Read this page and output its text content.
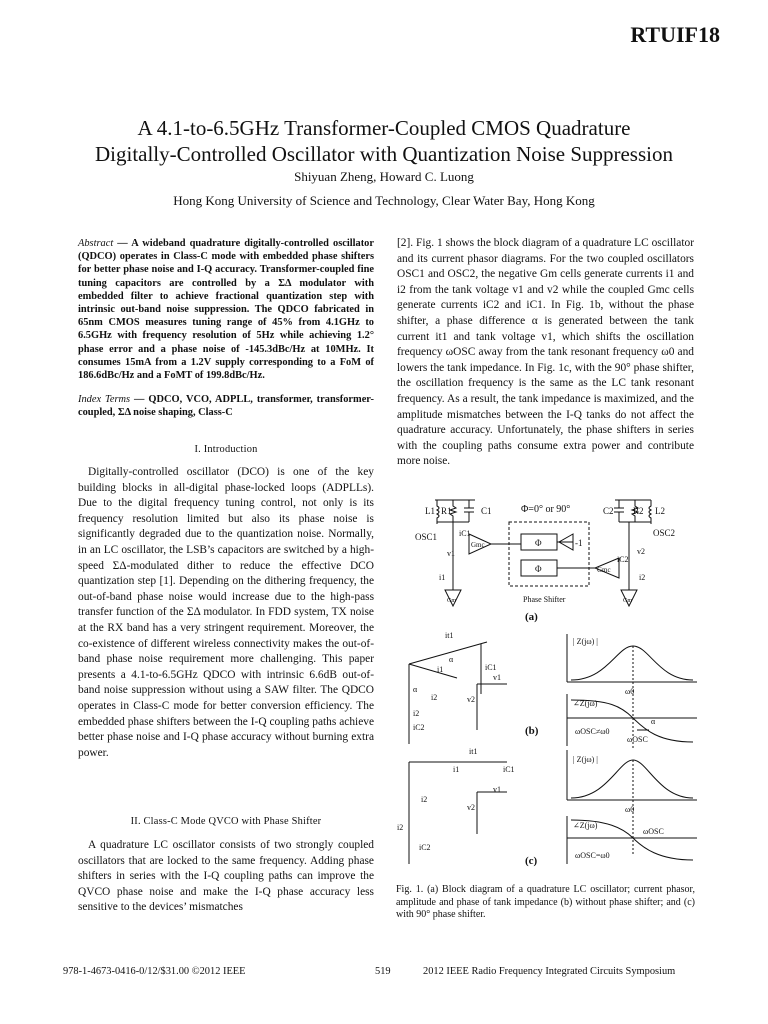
RTUIF18
A 4.1-to-6.5GHz Transformer-Coupled CMOS Quadrature
Digitally-Controlled Oscillator with Quantization Noise Suppression
Shiyuan Zheng, Howard C. Luong
Hong Kong University of Science and Technology, Clear Water Bay, Hong Kong
Abstract — A wideband quadrature digitally-controlled oscillator (QDCO) operates in Class-C mode with embedded phase shifters for better phase noise and I-Q accuracy. Transformer-coupled fine tuning capacitors are controlled by a ΣΔ modulator with embedded filter to achieve fractional quantization step with intrinsic out-band noise suppression. The QDCO fabricated in 65nm CMOS measures tuning range of 45% from 4.1GHz to 6.5GHz with frequency resolution of 5Hz while achieving 1.2° phase error and a phase noise of -145.3dBc/Hz at 10MHz. It consumes 15mA from a 1.2V supply corresponding to a FoM of 186.6dBc/Hz and a FoMT of 199.8dBc/Hz.
Index Terms — QDCO, VCO, ADPLL, transformer, transformer-coupled, ΣΔ noise shaping, Class-C
I. Introduction

Digitally-controlled oscillator (DCO) is one of the key building blocks in all-digital phase-locked loops (ADPLLs). Due to the digital frequency tuning control, not only is its frequency resolution limited but also its phase noise is significantly degraded due to the quantization noise. Normally, in an LC oscillator, the LSB’s capacitors are switched by a high-speed ΣΔ-modulated dither to reduce the effective DCO quantization step [1]. Depending on the dithering frequency, the out-of-band phase noise would increase due to the high-pass transfer function of the ΣΔ modulator. In FDD system, TX noise at the RX band has a very stringent requirement. Moreover, the co-existence of different wireless connectivity makes the out-of-band phase noise requirement more challenging. This paper presents a 4.1-to-6.5GHz QDCO with intrinsic 6.6dB out-of-band noise suppression without using a SAW filter. The QDCO operates in Class-C mode for better conversion efficiency. The embedded phase shifters between the I-Q coupling paths achieve better phase noise and I-Q phase accuracy without burning extra power.

II. Class-C Mode QVCO with Phase Shifter

A quadrature LC oscillator consists of two strongly coupled oscillators that are locked to the same frequency. Adding phase shifters in series with the I-Q coupling paths can improve the QVCO phase noise and make the I-Q phase accuracy less sensitive to the devices’ mismatches

[2]. Fig. 1 shows the block diagram of a quadrature LC oscillator and its current phasor diagrams. For the two coupled oscillators OSC1 and OSC2, the negative Gm cells generate currents i1 and i2 from the tank voltage v1 and v2 while the coupled Gmc cells generate currents iC2 and iC1. In Fig. 1b, without the phase shifter, a phase difference α is generated between the tank current it1 and tank voltage v1, which shifts the oscillation frequency ωOSC away from the tank resonant frequency ω0 and lowers the tank impedance. In Fig. 1c, with the 90° phase shifter, the oscillation frequency is the same as the LC tank resonant frequency. As a result, the tank impedance is maximized, and the amplitude mismatches between the I-Q tanks do not affect the quadrature accuracy. Unfortunately, the phase shifters in series with the coupling paths consume extra power and contribute more noise.

Φ=0° or 90°
L1 R1	C1
OSC1	iC1
v1
i1
Gmc
Gm
Φ
Φ
-1
Phase Shifter
(a)
C2 R2 L2
OSC2
iC2
v2
i2
Gmc
Gm
it1
iC1
i1
α
α
i2
i2
iC2
v1
v2
(b)
| Z(jω) |
ω0
∠Z(jω)
α
ωOSC≠ω0
ωOSC
it1
i1	iC1
v1
v2
i2
i2
iC2
(c)
| Z(jω) |
ω0
∠Z(jω)
ωOSC
ωOSC=ω0
Fig. 1. (a) Block diagram of a quadrature LC oscillator; current phasor, amplitude and phase of tank impedance (b) without phase shifter; and (c) with 90° phase shifter.
978-1-4673-0416-0/12/$31.00 ©2012 IEEE	519	2012 IEEE Radio Frequency Integrated Circuits Symposium
